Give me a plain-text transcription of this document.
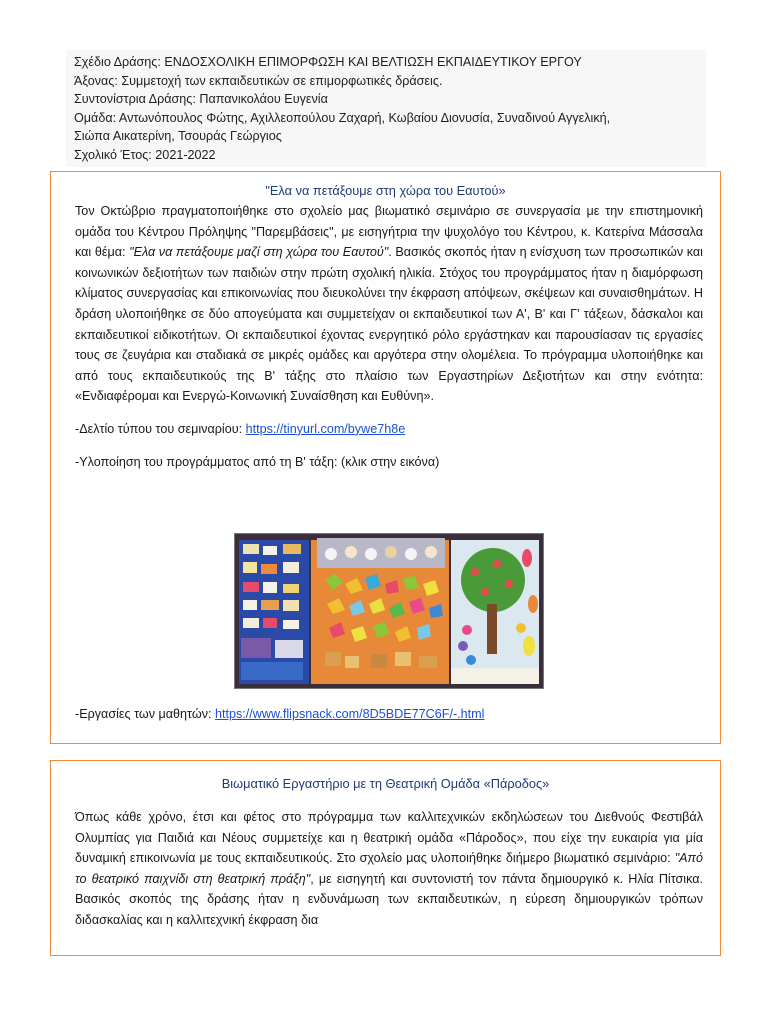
Σχέδιο Δράσης: ΕΝΔΟΣΧΟΛΙΚΗ ΕΠΙΜΟΡΦΩΣΗ ΚΑΙ ΒΕΛΤΙΩΣΗ ΕΚΠΑΙΔΕΥΤΙΚΟΥ ΕΡΓΟΥ

Άξονας: Συμμετοχή των εκπαιδευτικών σε επιμορφωτικές δράσεις.

Συντονίστρια Δράσης: Παπανικολάου Ευγενία

Ομάδα: Αντωνόπουλος Φώτης, Αχιλλεοπούλου Ζαχαρή, Κωβαίου Διονυσία, Συναδινού Αγγελική,

Σιώπα Αικατερίνη, Τσουράς Γεώργιος

Σχολικό Έτος: 2021-2022

"Ελα να πετάξουμε στη χώρα του Εαυτού»

Τον Οκτώβριο πραγματοποιήθηκε στο σχολείο μας βιωματικό σεμινάριο σε συνεργασία με την επιστημονική ομάδα του Κέντρου Πρόληψης "Παρεμβάσεις", με εισηγήτρια την ψυχολόγο του Κέντρου, κ. Κατερίνα Μάσσαλα και θέμα: "Ελα να πετάξουμε μαζί στη χώρα του Εαυτού". Βασικός σκοπός ήταν η ενίσχυση των προσωπικών και κοινωνικών δεξιοτήτων των παιδιών στην πρώτη σχολική ηλικία. Στόχος του προγράμματος ήταν η διαμόρφωση κλίματος συνεργασίας και επικοινωνίας που διευκολύνει την έκφραση απόψεων, σκέψεων και συναισθημάτων. Η δράση υλοποιήθηκε σε δύο απογεύματα και συμμετείχαν οι εκπαιδευτικοί των Α', Β' και Γ' τάξεων, δάσκαλοι και εκπαιδευτικοί ειδικοτήτων. Οι εκπαιδευτικοί έχοντας ενεργητικό ρόλο εργάστηκαν και παρουσίασαν τις εργασίες τους σε ζευγάρια και σταδιακά σε μικρές ομάδες και αργότερα στην ολομέλεια. Το πρόγραμμα υλοποιήθηκε και από τους εκπαιδευτικούς της Β' τάξης στο πλαίσιο των Εργαστηρίων Δεξιοτήτων και στην ενότητα: «Ενδιαφέρομαι και Ενεργώ-Κοινωνική Συναίσθηση και Ευθύνη».

-Δελτίο τύπου του σεμιναρίου: https://tinyurl.com/bywe7h8e
-Υλοποίηση του προγράμματος από τη Β' τάξη: (κλικ στην εικόνα)
-Εργασίες των μαθητών: https://www.flipsnack.com/8D5BDE77C6F/-.html
Βιωματικό Εργαστήριο με τη Θεατρική Ομάδα «Πάροδος»

Όπως κάθε χρόνο, έτσι και φέτος στο πρόγραμμα των καλλιτεχνικών εκδηλώσεων του Διεθνούς Φεστιβάλ Ολυμπίας για Παιδιά και Νέους συμμετείχε και η θεατρική ομάδα «Πάροδος», που είχε την ευκαιρία για μία δυναμική επικοινωνία με τους εκπαιδευτικούς. Στο σχολείο μας υλοποιήθηκε διήμερο βιωματικό σεμινάριο: "Από το θεατρικό παιχνίδι στη θεατρική πράξη", με εισηγητή και συντονιστή τον πάντα δημιουργικό κ. Ηλία Πίτσικα. Βασικός σκοπός της δράσης ήταν η ενδυνάμωση των εκπαιδευτικών, η εύρεση δημιουργικών τρόπων διδασκαλίας και η καλλιτεχνική έκφραση δια
